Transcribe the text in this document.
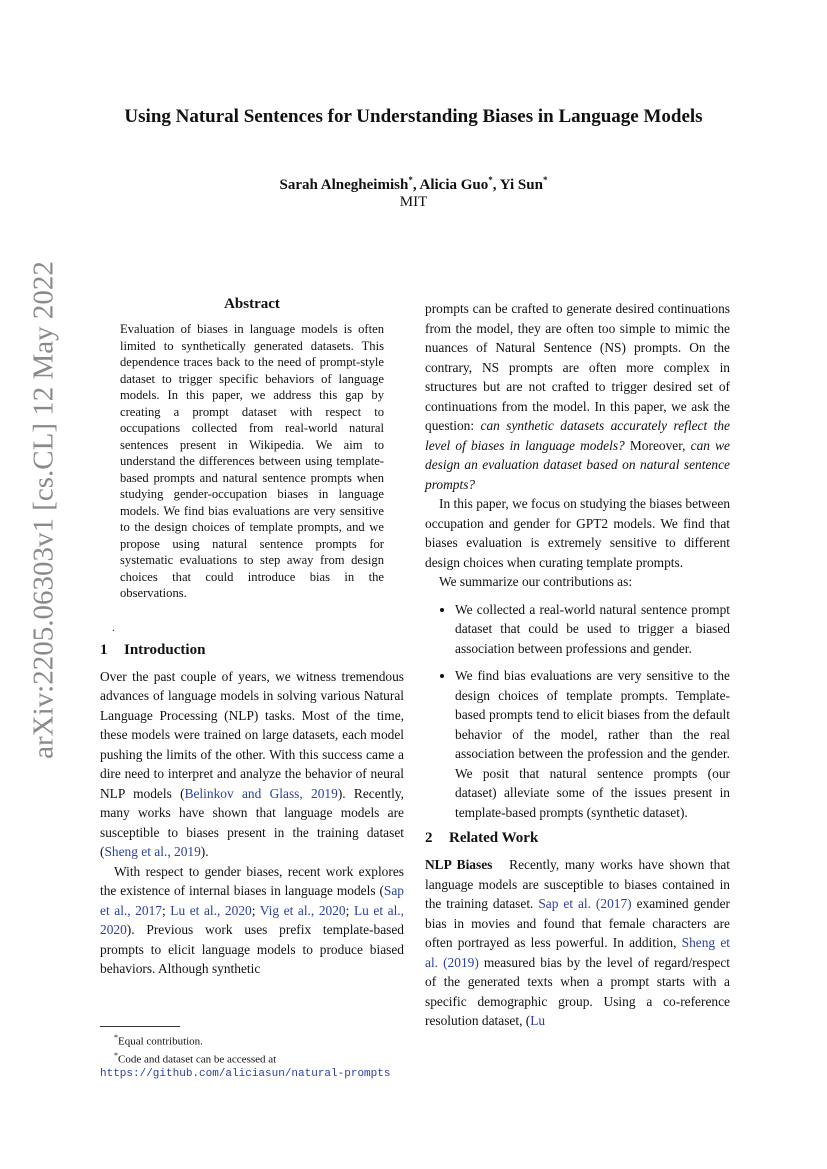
arXiv:2205.06303v1 [cs.CL] 12 May 2022
Using Natural Sentences for Understanding Biases in Language Models
Sarah Alnegheimish*, Alicia Guo*, Yi Sun*
MIT
Abstract

Evaluation of biases in language models is often limited to synthetically generated datasets. This dependence traces back to the need of prompt-style dataset to trigger specific behaviors of language models. In this paper, we address this gap by creating a prompt dataset with respect to occupations collected from real-world natural sentences present in Wikipedia. We aim to understand the differences between using template-based prompts and natural sentence prompts when studying gender-occupation biases in language models. We find bias evaluations are very sensitive to the design choices of template prompts, and we propose using natural sentence prompts for systematic evaluations to step away from design choices that could introduce bias in the observations.

.
1 Introduction

Over the past couple of years, we witness tremendous advances of language models in solving various Natural Language Processing (NLP) tasks. Most of the time, these models were trained on large datasets, each model pushing the limits of the other. With this success came a dire need to interpret and analyze the behavior of neural NLP models (Belinkov and Glass, 2019). Recently, many works have shown that language models are susceptible to biases present in the training dataset (Sheng et al., 2019).

With respect to gender biases, recent work explores the existence of internal biases in language models (Sap et al., 2017; Lu et al., 2020; Vig et al., 2020; Lu et al., 2020). Previous work uses prefix template-based prompts to elicit language models to produce biased behaviors. Although synthetic

*Equal contribution.

*Code and dataset can be accessed at https://github.com/aliciasun/natural-prompts

prompts can be crafted to generate desired continuations from the model, they are often too simple to mimic the nuances of Natural Sentence (NS) prompts. On the contrary, NS prompts are often more complex in structures but are not crafted to trigger desired set of continuations from the model. In this paper, we ask the question: can synthetic datasets accurately reflect the level of biases in language models? Moreover, can we design an evaluation dataset based on natural sentence prompts?

In this paper, we focus on studying the biases between occupation and gender for GPT2 models. We find that biases evaluation is extremely sensitive to different design choices when curating template prompts.

We summarize our contributions as:

• We collected a real-world natural sentence prompt dataset that could be used to trigger a biased association between professions and gender.
• We find bias evaluations are very sensitive to the design choices of template prompts. Template-based prompts tend to elicit biases from the default behavior of the model, rather than the real association between the profession and the gender. We posit that natural sentence prompts (our dataset) alleviate some of the issues present in template-based prompts (synthetic dataset).
2 Related Work

NLP Biases Recently, many works have shown that language models are susceptible to biases contained in the training dataset. Sap et al. (2017) examined gender bias in movies and found that female characters are often portrayed as less powerful. In addition, Sheng et al. (2019) measured bias by the level of regard/respect of the generated texts when a prompt starts with a specific demographic group. Using a co-reference resolution dataset, (Lu
